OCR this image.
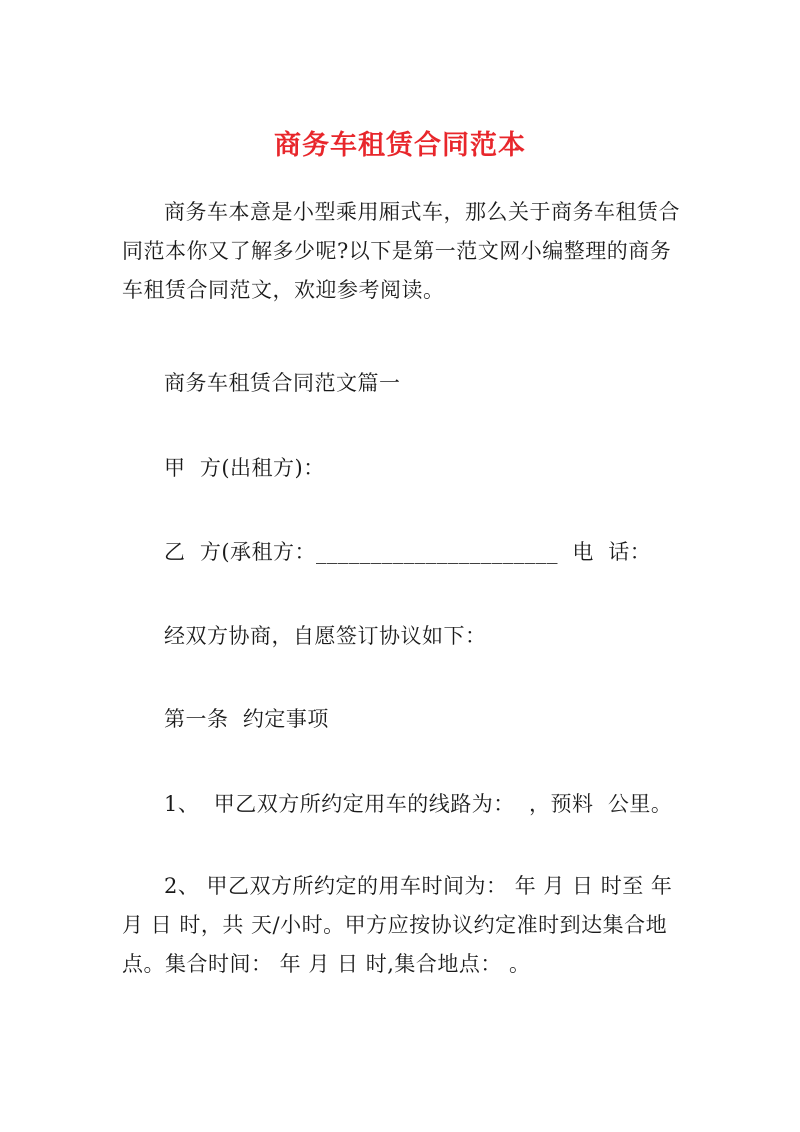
商务车租赁合同范本
商务车本意是小型乘用厢式车，那么关于商务车租赁合同范本你又了解多少呢?以下是第一范文网小编整理的商务车租赁合同范文，欢迎参考阅读。
商务车租赁合同范文篇一
甲  方(出租方)：
乙  方(承租方：______________________  电  话：
经双方协商，自愿签订协议如下：
第一条  约定事项
1、  甲乙双方所约定用车的线路为：  ，预料  公里。
2、 甲乙双方所约定的用车时间为： 年 月 日 时至 年月 日 时，共 天/小时。甲方应按协议约定准时到达集合地点。集合时间： 年 月 日 时,集合地点： 。
